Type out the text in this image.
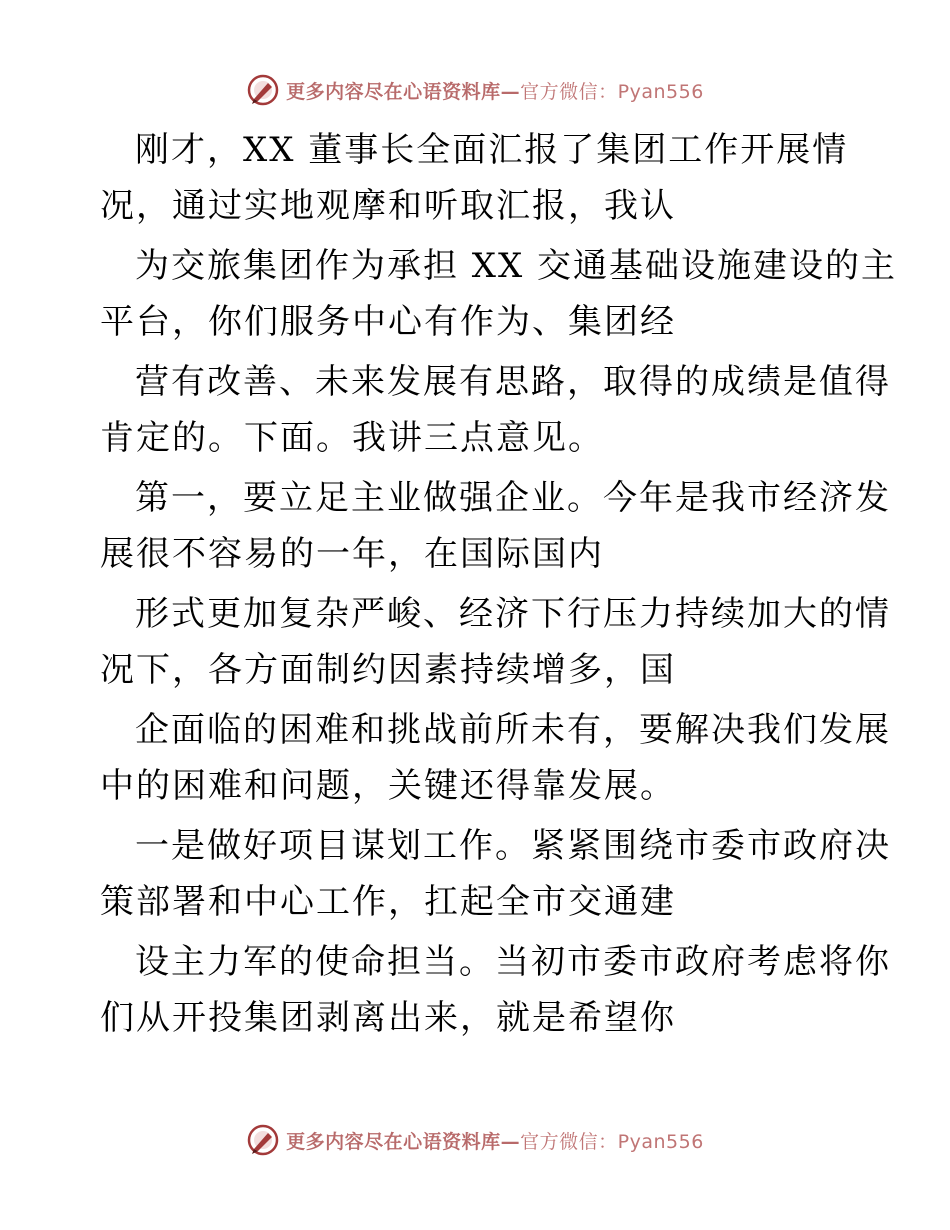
更多内容尽在心语资料库—官方微信：Pyan556
刚才，XX 董事长全面汇报了集团工作开展情
况，通过实地观摩和听取汇报，我认
为交旅集团作为承担 XX 交通基础设施建设的主
平台，你们服务中心有作为、集团经
营有改善、未来发展有思路，取得的成绩是值得
肯定的。下面。我讲三点意见。
第一，要立足主业做强企业。今年是我市经济发
展很不容易的一年，在国际国内
形式更加复杂严峻、经济下行压力持续加大的情
况下，各方面制约因素持续增多，国
企面临的困难和挑战前所未有，要解决我们发展
中的困难和问题，关键还得靠发展。
一是做好项目谋划工作。紧紧围绕市委市政府决
策部署和中心工作，扛起全市交通建
设主力军的使命担当。当初市委市政府考虑将你
们从开投集团剥离出来，就是希望你
更多内容尽在心语资料库—官方微信：Pyan556
